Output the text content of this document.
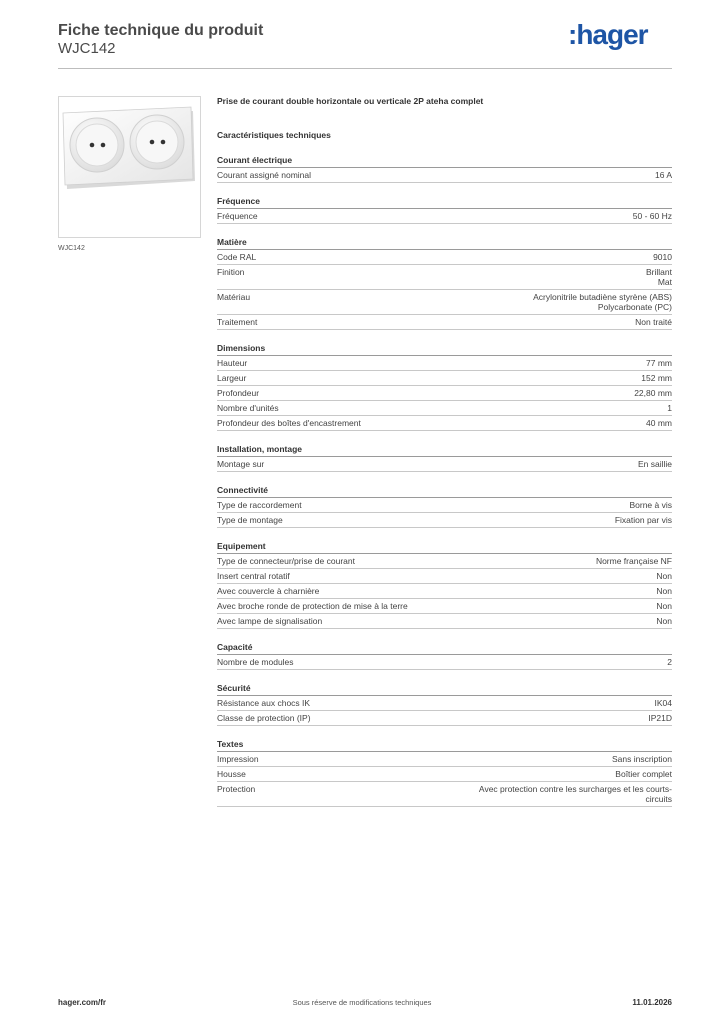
Fiche technique du produit
WJC142	:hager
WJC142
Prise de courant double horizontale ou verticale 2P ateha complet
Caractéristiques techniques
Courant électrique
Courant assigné nominal	16 A
Fréquence
Fréquence	50 - 60 Hz
Matière
Code RAL	9010
Finition	Brillant
Mat
Matériau	Acrylonitrile butadiène styrène (ABS)
Polycarbonate (PC)
Traitement	Non traité
Dimensions
Hauteur	77 mm
Largeur	152 mm
Profondeur	22,80 mm
Nombre d'unités	1
Profondeur des boîtes d'encastrement	40 mm
Installation, montage
Montage sur	En saillie
Connectivité
Type de raccordement	Borne à vis
Type de montage	Fixation par vis
Equipement
Type de connecteur/prise de courant	Norme française NF
Insert central rotatif	Non
Avec couvercle à charnière	Non
Avec broche ronde de protection de mise à la terre	Non
Avec lampe de signalisation	Non
Capacité
Nombre de modules	2
Sécurité
Résistance aux chocs IK	IK04
Classe de protection (IP)	IP21D
Textes
Impression	Sans inscription
Housse	Boîtier complet
Protection	Avec protection contre les surcharges et les courts-
circuits
hager.com/fr	Sous réserve de modifications techniques	11.01.2026
